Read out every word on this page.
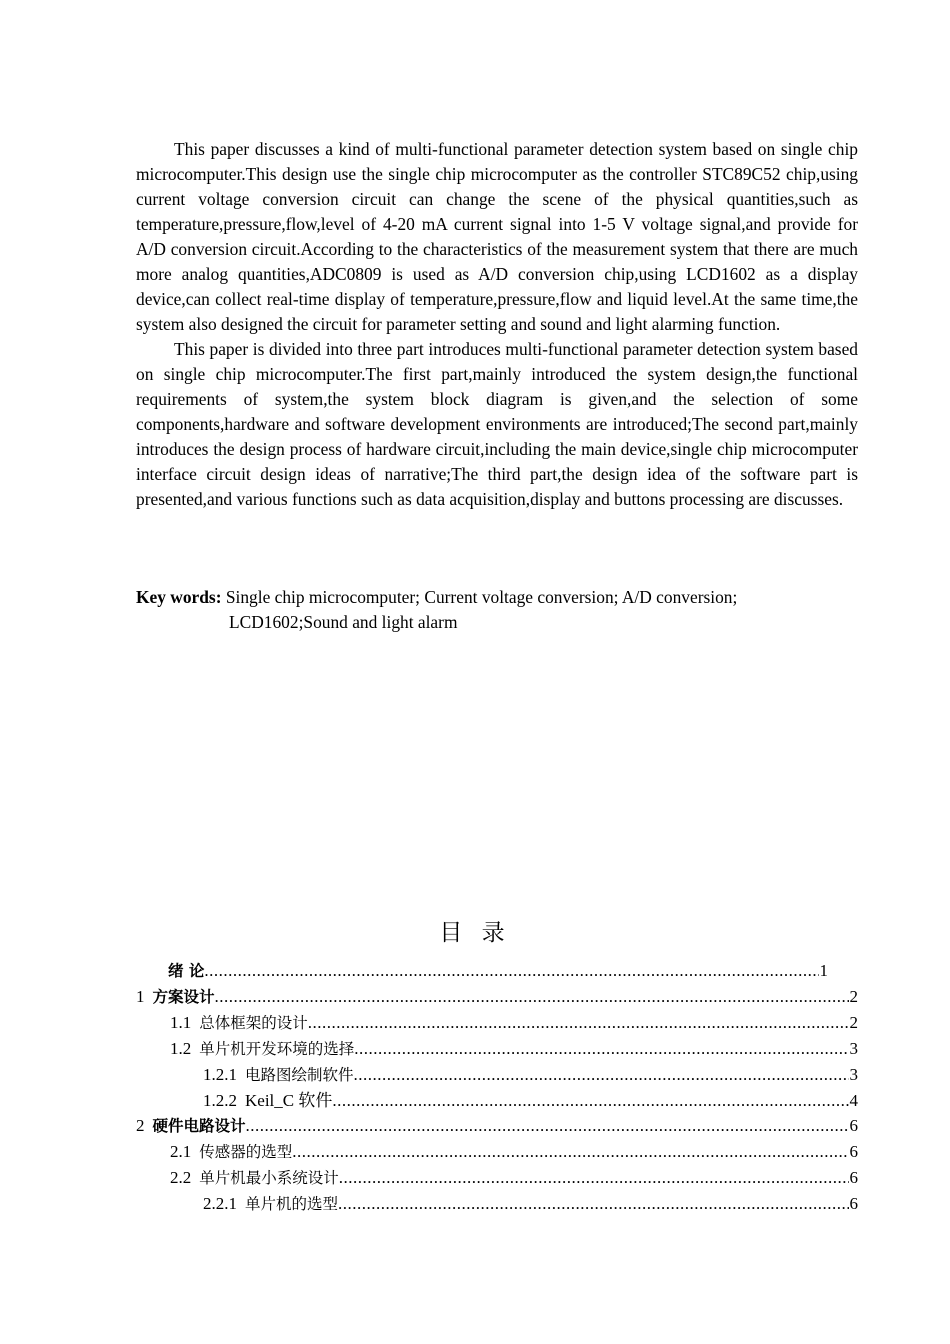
This paper discusses a kind of multi-functional parameter detection system based on single chip microcomputer.This design use the single chip microcomputer as the controller STC89C52 chip,using current voltage conversion circuit can change the scene of the physical quantities,such as temperature,pressure,flow,level of 4-20 mA current signal into 1-5 V voltage signal,and provide for A/D conversion circuit.According to the characteristics of the measurement system that there are much more analog quantities,ADC0809 is used as A/D conversion chip,using LCD1602 as a display device,can collect real-time display of temperature,pressure,flow and liquid level.At the same time,the system also designed the circuit for parameter setting and sound and light alarming function.

This paper is divided into three part introduces multi-functional parameter detection system based on single chip microcomputer.The first part,mainly introduced the system design,the functional requirements of system,the system block diagram is given,and the selection of some components,hardware and software development environments are introduced;The second part,mainly introduces the design process of hardware circuit,including the main device,single chip microcomputer interface circuit design ideas of narrative;The third part,the design idea of the software part is presented,and various functions such as data acquisition,display and buttons processing are discusses.

Key words: Single chip microcomputer; Current voltage conversion; A/D conversion;
LCD1602;Sound and light alarm
目 录
绪 论 .....	1
1 方案设计 .....	2
1.1 总体框架的设计 .....	2
1.2 单片机开发环境的选择 .....	3
1.2.1 电路图绘制软件 .....	3
1.2.2 Keil_C 软件 .....	4
2 硬件电路设计 .....	6
2.1 传感器的选型 .....	6
2.2 单片机最小系统设计 .....	6
2.2.1 单片机的选型 .....	6
